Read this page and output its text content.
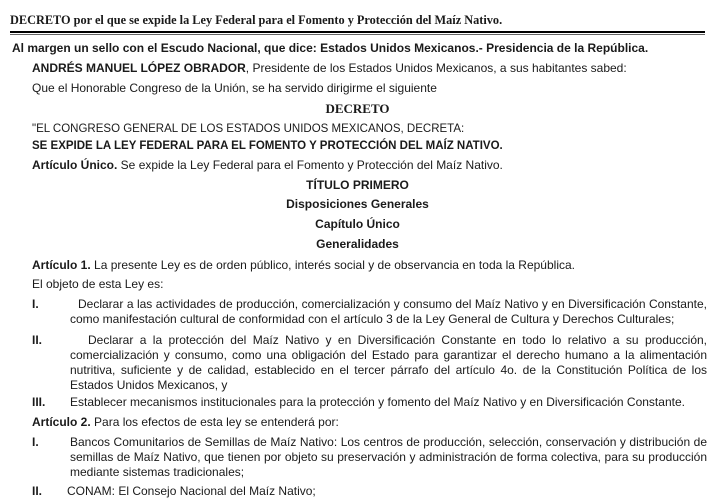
DECRETO por el que se expide la Ley Federal para el Fomento y Protección del Maíz Nativo.
Al margen un sello con el Escudo Nacional, que dice: Estados Unidos Mexicanos.- Presidencia de la República.
ANDRÉS MANUEL LÓPEZ OBRADOR, Presidente de los Estados Unidos Mexicanos, a sus habitantes sabed:
Que el Honorable Congreso de la Unión, se ha servido dirigirme el siguiente
DECRETO
"EL CONGRESO GENERAL DE LOS ESTADOS UNIDOS MEXICANOS, DECRETA:
SE EXPIDE LA LEY FEDERAL PARA EL FOMENTO Y PROTECCIÓN DEL MAÍZ NATIVO.
Artículo Único. Se expide la Ley Federal para el Fomento y Protección del Maíz Nativo.
TÍTULO PRIMERO
Disposiciones Generales
Capítulo Único
Generalidades
Artículo 1. La presente Ley es de orden público, interés social y de observancia en toda la República.
El objeto de esta Ley es:
I.	Declarar a las actividades de producción, comercialización y consumo del Maíz Nativo y en Diversificación Constante, como manifestación cultural de conformidad con el artículo 3 de la Ley General de Cultura y Derechos Culturales;
II.	Declarar a la protección del Maíz Nativo y en Diversificación Constante en todo lo relativo a su producción, comercialización y consumo, como una obligación del Estado para garantizar el derecho humano a la alimentación nutritiva, suficiente y de calidad, establecido en el tercer párrafo del artículo 4o. de la Constitución Política de los Estados Unidos Mexicanos, y
III. Establecer mecanismos institucionales para la protección y fomento del Maíz Nativo y en Diversificación Constante.
Artículo 2. Para los efectos de esta ley se entenderá por:
I.	Bancos Comunitarios de Semillas de Maíz Nativo: Los centros de producción, selección, conservación y distribución de semillas de Maíz Nativo, que tienen por objeto su preservación y administración de forma colectiva, para su producción mediante sistemas tradicionales;
II. CONAM: El Consejo Nacional del Maíz Nativo;
